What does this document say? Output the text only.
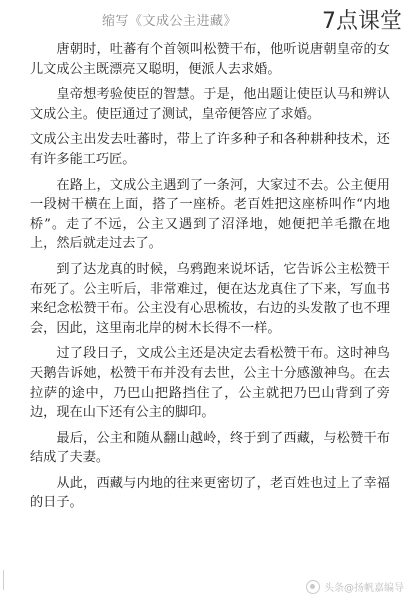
缩写《文成公主进藏》	7点课堂

唐朝时，吐蕃有个首领叫松赞干布，他听说唐朝皇帝的女儿文成公主既漂亮又聪明，便派人去求婚。

皇帝想考验使臣的智慧。于是，他出题让使臣认马和辨认文成公主。使臣通过了测试，皇帝便答应了求婚。

文成公主出发去吐蕃时，带上了许多种子和各种耕种技术，还有许多能工巧匠。

在路上，文成公主遇到了一条河，大家过不去。公主便用一段树干横在上面，搭了一座桥。老百姓把这座桥叫作“内地桥”。走了不远，公主又遇到了沼泽地，她便把羊毛撒在地上，然后就走过去了。

到了达龙真的时候，乌鸦跑来说坏话，它告诉公主松赞干布死了。公主听后，非常难过，便在达龙真住了下来，写血书来纪念松赞干布。公主没有心思梳妆，右边的头发散了也不理会，因此，这里南北岸的树木长得不一样。

过了段日子，文成公主还是决定去看松赞干布。这时神鸟天鹅告诉她，松赞干布并没有去世，公主十分感激神鸟。在去拉萨的途中，乃巴山把路挡住了，公主就把乃巴山背到了旁边，现在山下还有公主的脚印。

最后，公主和随从翻山越岭，终于到了西藏，与松赞干布结成了夫妻。

从此，西藏与内地的往来更密切了，老百姓也过上了幸福的日子。

头条@扬帆嘉编导
